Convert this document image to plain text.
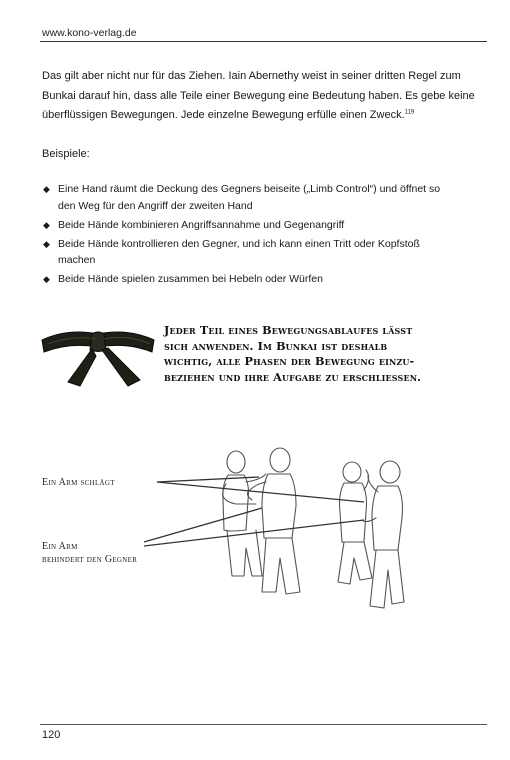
www.kono-verlag.de
Das gilt aber nicht nur für das Ziehen. Iain Abernethy weist in seiner dritten Regel zum Bunkai darauf hin, dass alle Teile einer Bewegung eine Bedeutung haben. Es gebe keine überflüssigen Bewegungen. Jede einzelne Bewegung erfülle einen Zweck.$^{119}$
Beispiele:
◆ Eine Hand räumt die Deckung des Gegners beiseite („Limb Control“) und öffnet so
den Weg für den Angriff der zweiten Hand
◆ Beide Hände kombinieren Angriffsannahme und Gegenangriff
◆ Beide Hände kontrollieren den Gegner, und ich kann einen Tritt oder Kopfstoß
machen
◆ Beide Hände spielen zusammen bei Hebeln oder Würfen
Jeder Teil eines Bewegungsablaufes lässt
sich anwenden. Im Bunkai ist deshalb
wichtig, alle Phasen der Bewegung einzu-
beziehen und ihre Aufgabe zu erschliessen.
Ein Arm schlägt
Ein Arm
behindert den Gegner
120
